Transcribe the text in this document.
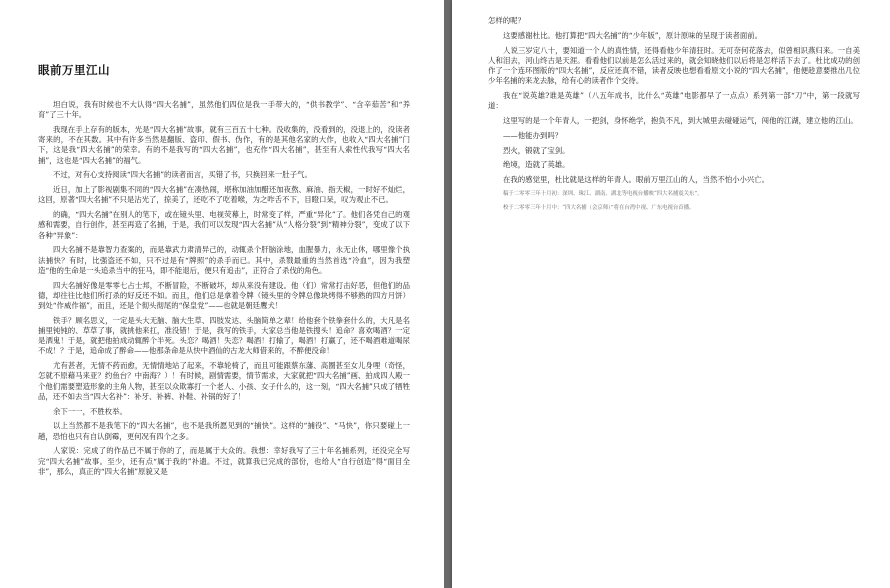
眼前万里江山

坦白说，我有时候也不大认得“四大名捕”，虽然他们四位是我一手带大的，“供书教学”、“含辛茹苦”和“养育”了三十年。

我现在手上存有的版本，光是“四大名捕”故事，就有三百五十七种。没收集的，没看到的，没退上的，没读者寄来的，不在其数。其中有许多当然是翻版、盗印、假书、伪作，有的是其他名家的大作，也收入“四大名捕”门下，这是我“四大名捕”的荣幸。有的不是我写的“四大名捕”，也充作“四大名捕”，甚至有人索性代我写“四大名捕”，这也是“四大名捕”的福气。

不过，对有心支持阅读“四大名捕”的读者而言，买错了书，只换回来一肚子气。

近日，加上了影视剧集不同的“四大名捕”在凑热闹，堪称加油加醋还加夜熬、麻油、指天椒，一时好不灿烂，这回，原著“四大名捕”不只是沾光了，掠美了，还吃不了吃着喉，为之咋舌不下，目瞪口呆，叹为观止不已。

的确，“四大名捕”在别人的笔下，或在镜头里、电视荧幕上，时常变了样，严重“异化”了。他们各凭自己的观感和需要，自行创作，甚至再造了名捕，于是，我们可以发现“四大名捕”从“人格分裂”到“精神分裂”，变成了以下各种“异象”：

四大名捕不是靠智力查案的，而是靠武力肃清异己的，动辄杀个肝脑涂地，血腥暴力，永无止休，哪里像个执法捕快？有时，比强盗还不如，只不过是有“牌照”的杀手而已。其中，杀戮最重的当然首选“冷血”，因为我塑造“他的生命是一头追杀当中的狂马，即不能退后，便只有追击”，正符合了杀伐的角色。

四大名捕好像是零零七占士邦，不断冒险，不断破坏，却从来没有建设。他（们）常常打击好恶，但他们的品德，却往往比他们所打杀的好反还不如。而且，他们总是拿着令牌（镜头里的令牌总像块烤得不够熟的四方月饼）到处“作威作福”，而且，还是个彻头彻尾的“保皇党”——也就是朝廷鹰犬！

铁手？顾名思义，一定是头大无脑、脑大生草、四肢发达、头脑简单之辈！给他套个铁拳套什么的，大凡是名捕里钝钝的、草草了事，就挑他来扛，准没错！于是，我写的铁手，大家总当他是铁搜头！追命？喜欢喝酒？一定是洒鬼！于是，就把他拍成动辄醉个半死。头恋？喝酒！失恋？喝酒！打输了，喝酒！打赢了，还不喝酒难道喝尿不成！？于是，追命成了醉命——他那条命是从快中酒仙的古龙大师借来的，不醉便没命！

尤有甚者，无情不药而愈，无情情地站了起来，不靠轮椅了，而且可能跟蔡东藩、高圈甚至女儿身哩（奇怪，怎就不原藉马来亚？约鱼台？中南海？）！有时候，剧情需要，情节需求，大家就把“四大名捕”画、拍成四人殿一个他们需要塑造形象的主角人物，甚至以众欺寡打一个老人、小孩、女子什么的，这一刻，“四大名捕”只成了牺牲品，还不如去当“四大名补”：补牙、补裤、补鞋、补锅的好了！

余下一一，不胜枚举。

以上当然都不是我笔下的“四大名捕”，也不是我所愿见到的“捕快”。这样的“捕役”、“马快”，你只要碰上一趟，恐怕也只有自认倒霉，更何况有四个之多。

人家说：完成了的作品已不属于你的了，而是属于大众的。我想：幸好我写了三十年名捕系列，还没完全写完“四大名捕”故事。至少，还有点“属于我的”补遗。不过，就算我已完成的部份，也给人“自行创造”得“面目全非”，那么，真正的“四大名捕”原貌又是

怎样的呢？

这要感谢杜比。他打算把“四大名捕”的“少年版”，原计原味的呈现于读者面前。

人说三岁定八十，要知道一个人的真性情，还得看他少年清狂时。无可奈何花落去，似曾相识燕归来。一自美人和泪去，河山终古是天涯。看看他们以前是怎么活过来的，就会知晓他们以后将是怎样活下去了。杜比成功的创作了一个连环图版的“四大名捕”，反应还真不错，读者反映也想看看原文小说的“四大名捕”，他便趁意要推出几位少年名捕的来龙去脉，给有心的读者作个交待。

我在“说英雄?谁是英雄”（八五年成书，比什么“英雄”电影都早了一点点）系列第一部“刀”中，第一段就写道：

这里写的是一个年青人，一把剑，身怀绝学，抱负不凡，到大城里去碰碰运气，闯他的江湖，建立他的江山。

——他能办到吗？

烈火，锻就了宝剑。

绝境，造就了英雄。

在我的感觉里，杜比就是这样的年青人。眼前万里江山的人，当然不怕小小兴亡。

稿于二零零三年十月初：深圳、珠江、湖南、湖北等电视台播映“四大名捕震关东”。

校于二零零三年十月中：“四大名捕（会京师）”将在台湾中视、广东电视台首播。
